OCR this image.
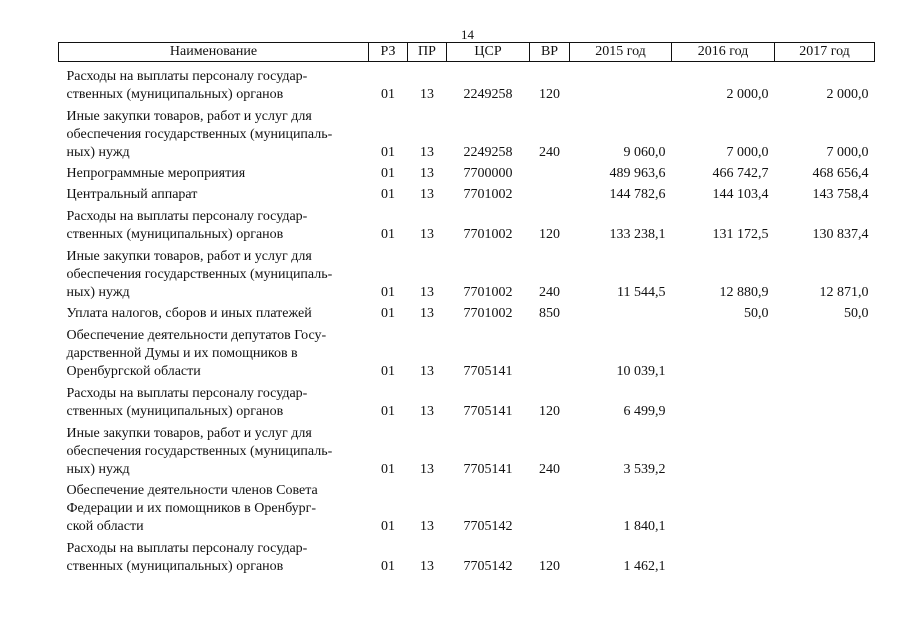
14
Наименование	РЗ	ПР	ЦСР	ВР	2015 год	2016 год	2017 год

Расходы на выплаты персоналу государ-
ственных (муниципальных) органов	01	13	2249258	120		2 000,0	2 000,0

Иные закупки товаров, работ и услуг для
обеспечения государственных (муниципаль-
ных) нужд	01	13	2249258	240	9 060,0	7 000,0	7 000,0

Непрограммные мероприятия	01	13	7700000		489 963,6	466 742,7	468 656,4

Центральный аппарат	01	13	7701002		144 782,6	144 103,4	143 758,4

Расходы на выплаты персоналу государ-
ственных (муниципальных) органов	01	13	7701002	120	133 238,1	131 172,5	130 837,4

Иные закупки товаров, работ и услуг для
обеспечения государственных (муниципаль-
ных) нужд	01	13	7701002	240	11 544,5	12 880,9	12 871,0

Уплата налогов, сборов и иных платежей	01	13	7701002	850		50,0	50,0

Обеспечение деятельности депутатов Госу-
дарственной Думы и их помощников в
Оренбургской области	01	13	7705141		10 039,1		

Расходы на выплаты персоналу государ-
ственных (муниципальных) органов	01	13	7705141	120	6 499,9		

Иные закупки товаров, работ и услуг для
обеспечения государственных (муниципаль-
ных) нужд	01	13	7705141	240	3 539,2		

Обеспечение деятельности членов Совета
Федерации и их помощников в Оренбург-
ской области	01	13	7705142		1 840,1		

Расходы на выплаты персоналу государ-
ственных (муниципальных) органов	01	13	7705142	120	1 462,1		
